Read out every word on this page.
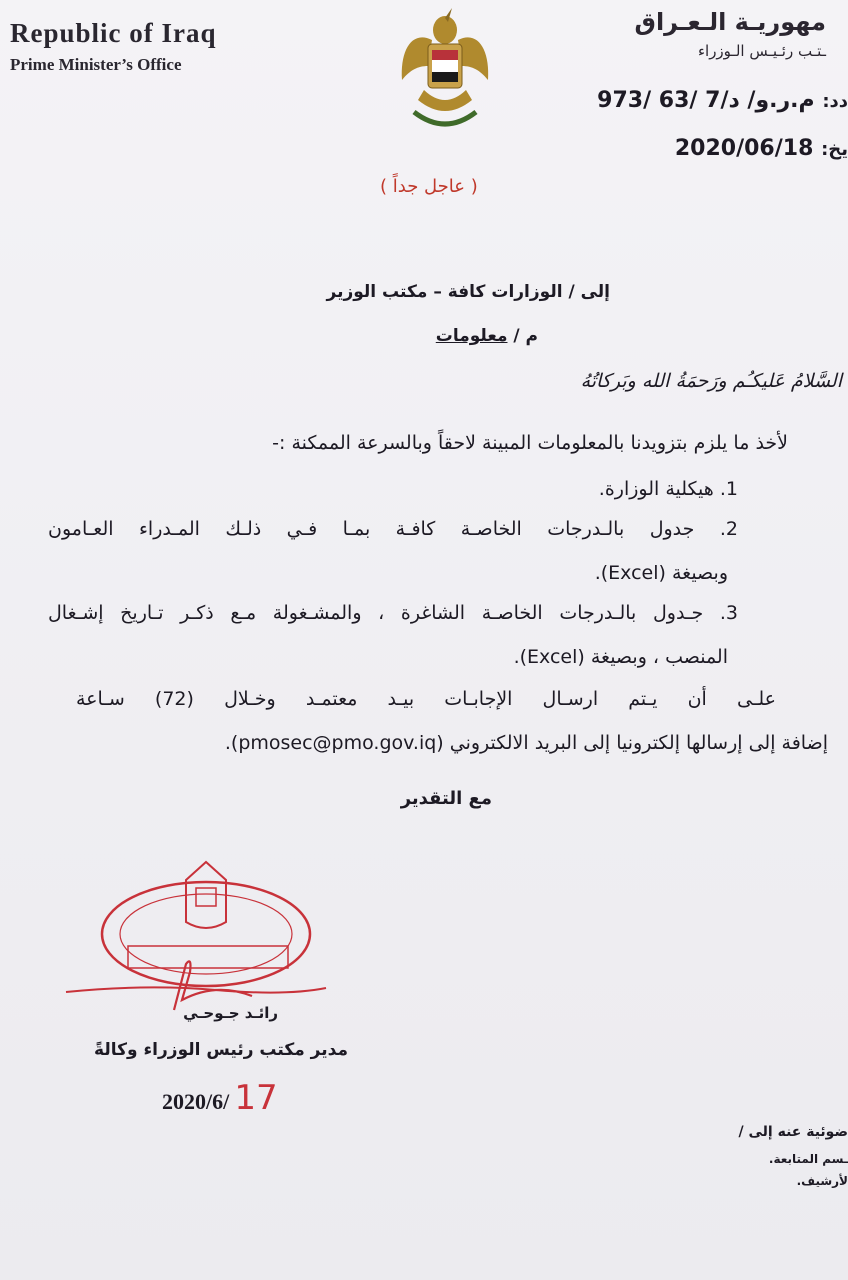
Republic of Iraq
Prime Minister’s Office
مهوريـة الـعـراق
ـتـب رئـيـس الـوزراء
دد: م.ر.و/ د/7 /63 /973
يخ: 2020/06/18
( عاجل جداً )
إلى / الوزارات كافة – مكتب الوزير
م / معلومات
السَّلامُ عَليكـُم ورَحمَةُ الله وبَركاتُهُ
لأخذ ما يلزم بتزويدنا بالمعلومات المبينة لاحقاً وبالسرعة الممكنة :-
1. هيكلية الوزارة.
2. جدول بالـدرجات الخاصـة كافـة بمـا فـي ذلـك المـدراء العـامون
وبصيغة (Excel).
3. جـدول بالـدرجات الخاصـة الشاغرة ، والمشـغولة مـع ذكـر تـاريخ إشـغال
المنصب ، وبصيغة (Excel).
علـى أن يـتم ارسـال الإجابـات بيـد معتمـد وخـلال (72) سـاعة
إضافة إلى إرسالها إلكترونيا إلى البريد الالكتروني (pmosec@pmo.gov.iq).
مع التقدير
رائـد جـوحـي
مدير مكتب رئيس الوزراء وكالةً
2020/6/ 17
ضوئية عنه إلى /
ـسم المتابعة.
لأرشيف.
